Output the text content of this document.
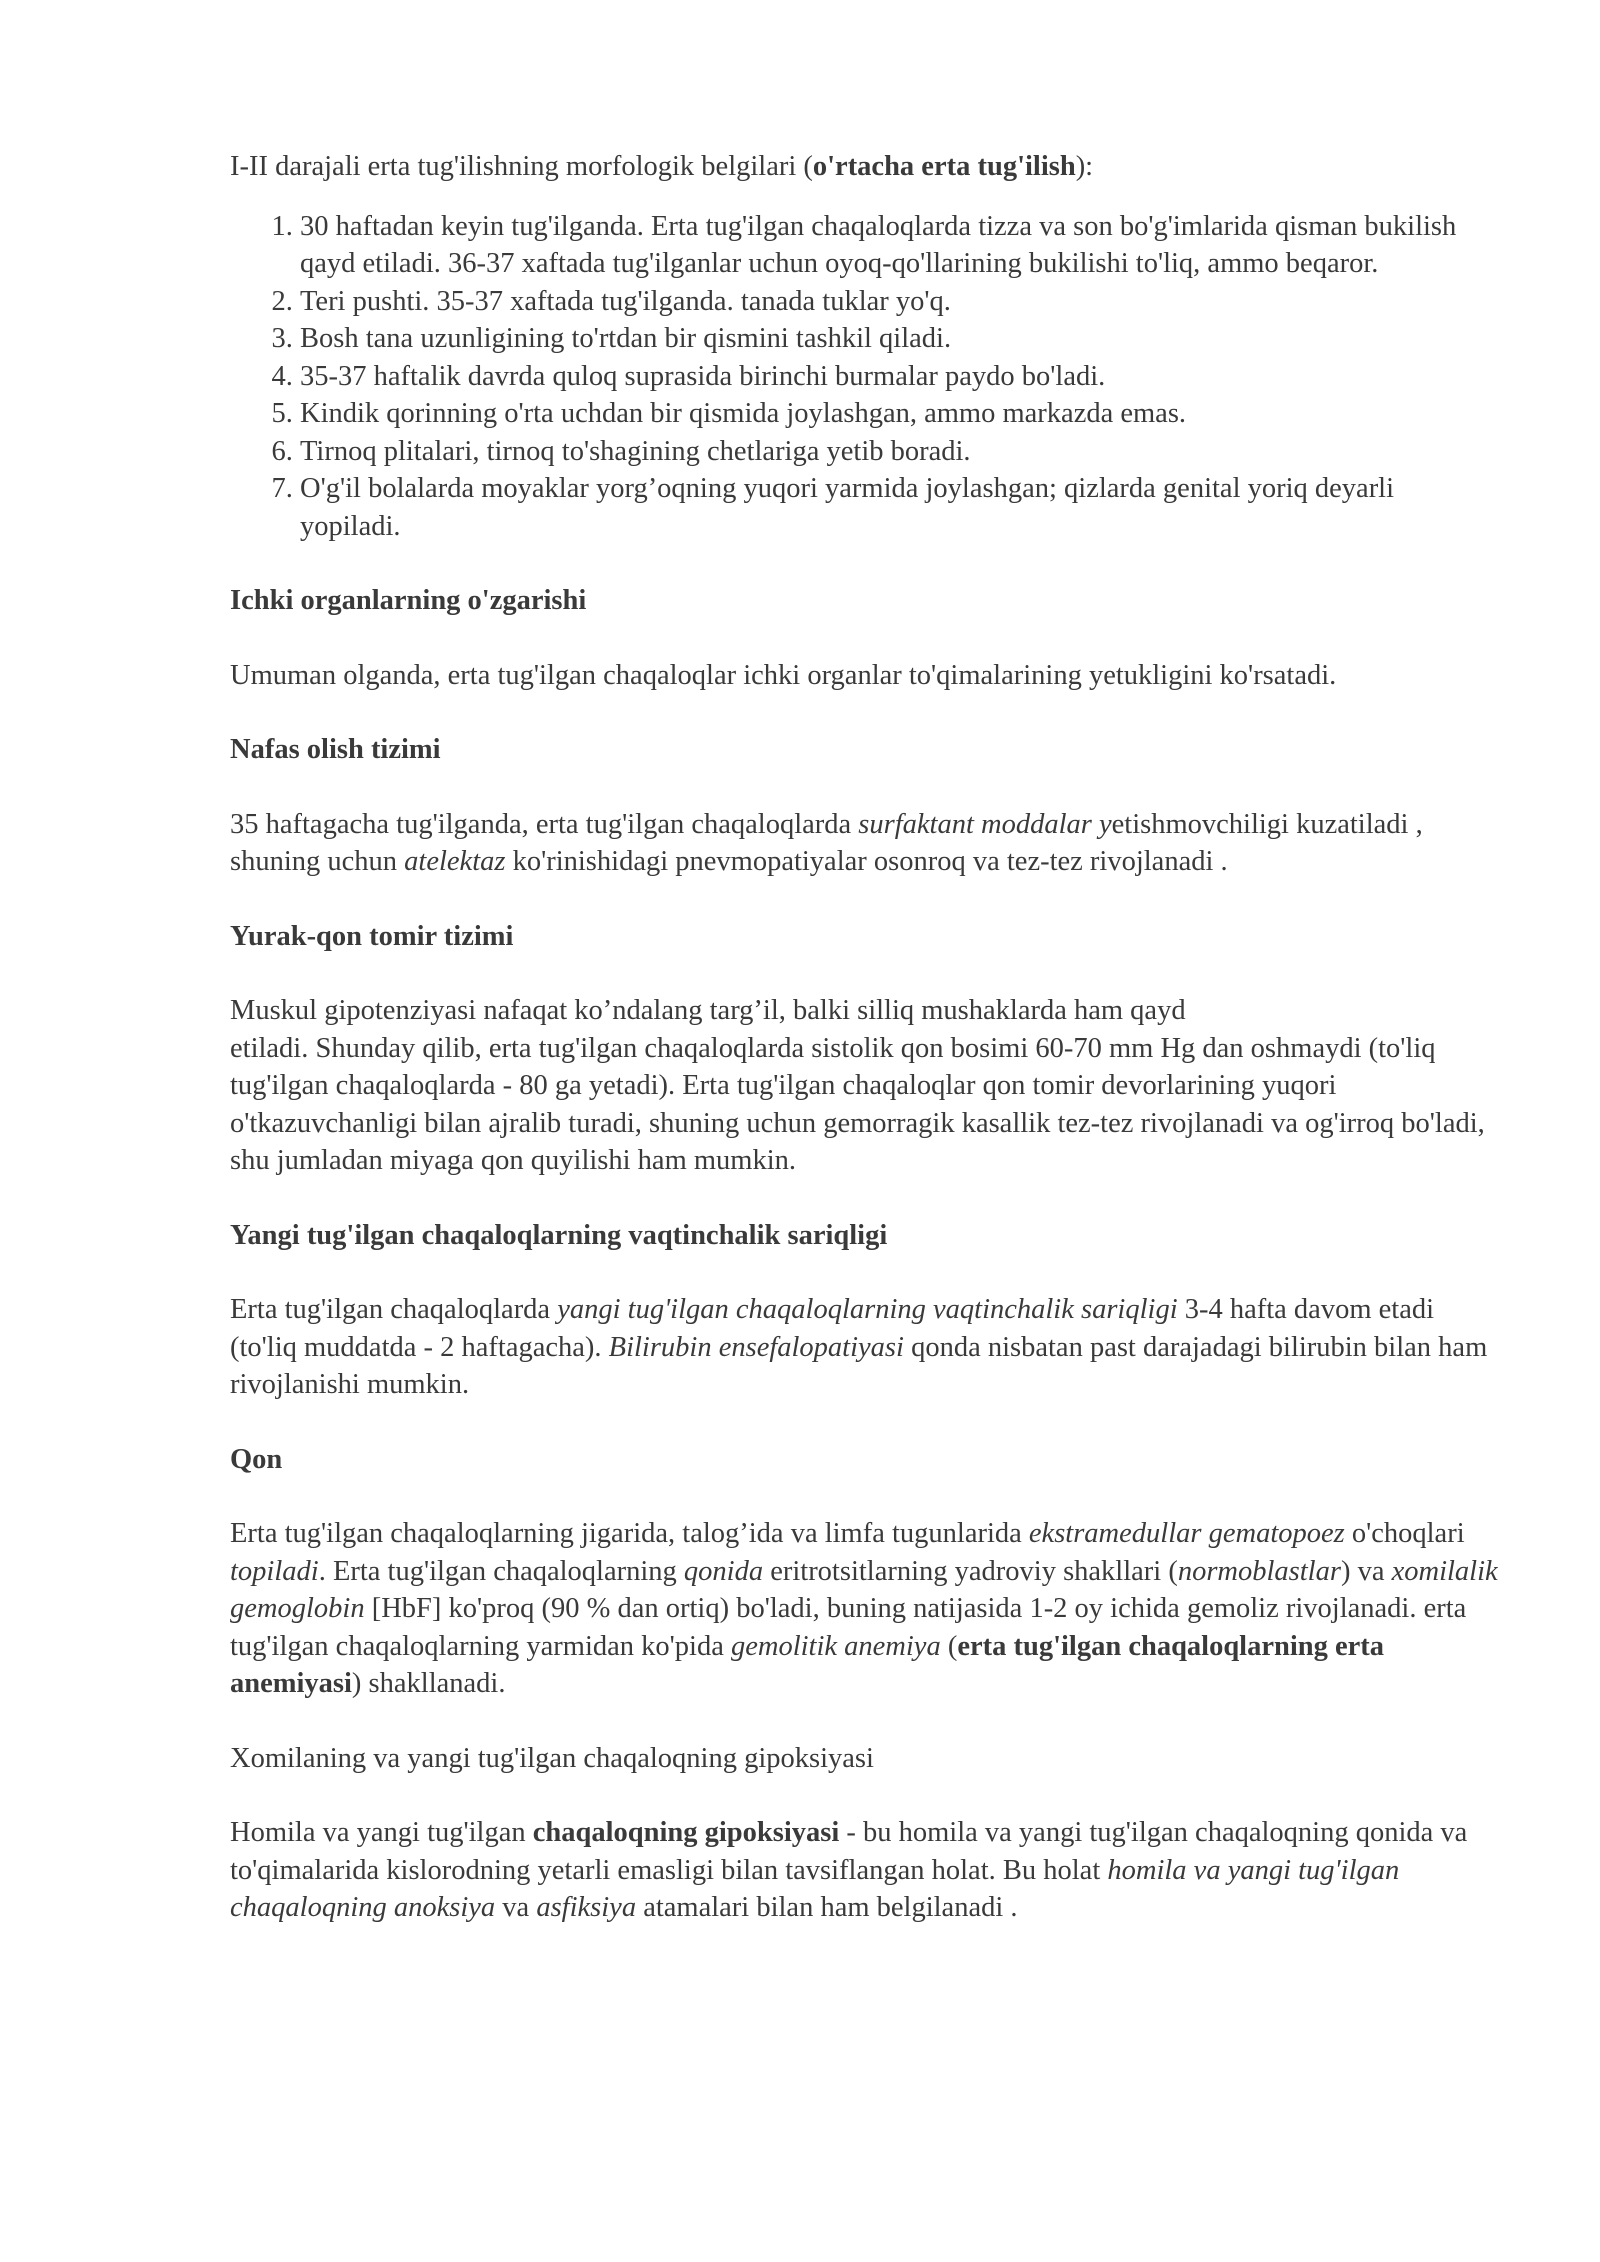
I-II darajali erta tug'ilishning morfologik belgilari (o'rtacha erta tug'ilish):

1. 30 haftadan keyin tug'ilganda. Erta tug'ilgan chaqaloqlarda tizza va son bo'g'imlarida qisman bukilish qayd etiladi. 36-37 xaftada tug'ilganlar uchun oyoq-qo'llarining bukilishi to'liq, ammo beqaror.
2. Teri pushti. 35-37 xaftada tug'ilganda. tanada tuklar yo'q.
3. Bosh tana uzunligining to'rtdan bir qismini tashkil qiladi.
4. 35-37 haftalik davrda quloq suprasida birinchi burmalar paydo bo'ladi.
5. Kindik qorinning o'rta uchdan bir qismida joylashgan, ammo markazda emas.
6. Tirnoq plitalari, tirnoq to'shagining chetlariga yetib boradi.
7. O'g'il bolalarda moyaklar yorg’oqning yuqori yarmida joylashgan; qizlarda genital yoriq deyarli yopiladi.

Ichki organlarning o'zgarishi

Umuman olganda, erta tug'ilgan chaqaloqlar ichki organlar to'qimalarining yetukligini ko'rsatadi.

Nafas olish tizimi

35 haftagacha tug'ilganda, erta tug'ilgan chaqaloqlarda surfaktant moddalar yetishmovchiligi kuzatiladi , shuning uchun atelektaz ko'rinishidagi pnevmopatiyalar osonroq va tez-tez rivojlanadi .

Yurak-qon tomir tizimi

Muskul gipotenziyasi nafaqat ko’ndalang targ’il, balki silliq mushaklarda ham qayd
etiladi. Shunday qilib, erta tug'ilgan chaqaloqlarda sistolik qon bosimi 60-70 mm Hg dan oshmaydi (to'liq tug'ilgan chaqaloqlarda - 80 ga yetadi). Erta tug'ilgan chaqaloqlar qon tomir devorlarining yuqori o'tkazuvchanligi bilan ajralib turadi, shuning uchun gemorragik kasallik tez-tez rivojlanadi va og'irroq bo'ladi, shu jumladan miyaga qon quyilishi ham mumkin.

Yangi tug'ilgan chaqaloqlarning vaqtinchalik sariqligi

Erta tug'ilgan chaqaloqlarda yangi tug'ilgan chaqaloqlarning vaqtinchalik sariqligi 3-4 hafta davom etadi (to'liq muddatda - 2 haftagacha). Bilirubin ensefalopatiyasi qonda nisbatan past darajadagi bilirubin bilan ham rivojlanishi mumkin.

Qon

Erta tug'ilgan chaqaloqlarning jigarida, talog’ida va limfa tugunlarida ekstramedullar gematopoez o'choqlari topiladi. Erta tug'ilgan chaqaloqlarning qonida eritrotsitlarning yadroviy shakllari (normoblastlar) va xomilalik gemoglobin [HbF] ko'proq (90 % dan ortiq) bo'ladi, buning natijasida 1-2 oy ichida gemoliz rivojlanadi. erta tug'ilgan chaqaloqlarning yarmidan ko'pida gemolitik anemiya (erta tug'ilgan chaqaloqlarning erta anemiyasi) shakllanadi.

Xomilaning va yangi tug'ilgan chaqaloqning gipoksiyasi

Homila va yangi tug'ilgan chaqaloqning gipoksiyasi - bu homila va yangi tug'ilgan chaqaloqning qonida va to'qimalarida kislorodning yetarli emasligi bilan tavsiflangan holat. Bu holat homila va yangi tug'ilgan chaqaloqning anoksiya va asfiksiya atamalari bilan ham belgilanadi .
